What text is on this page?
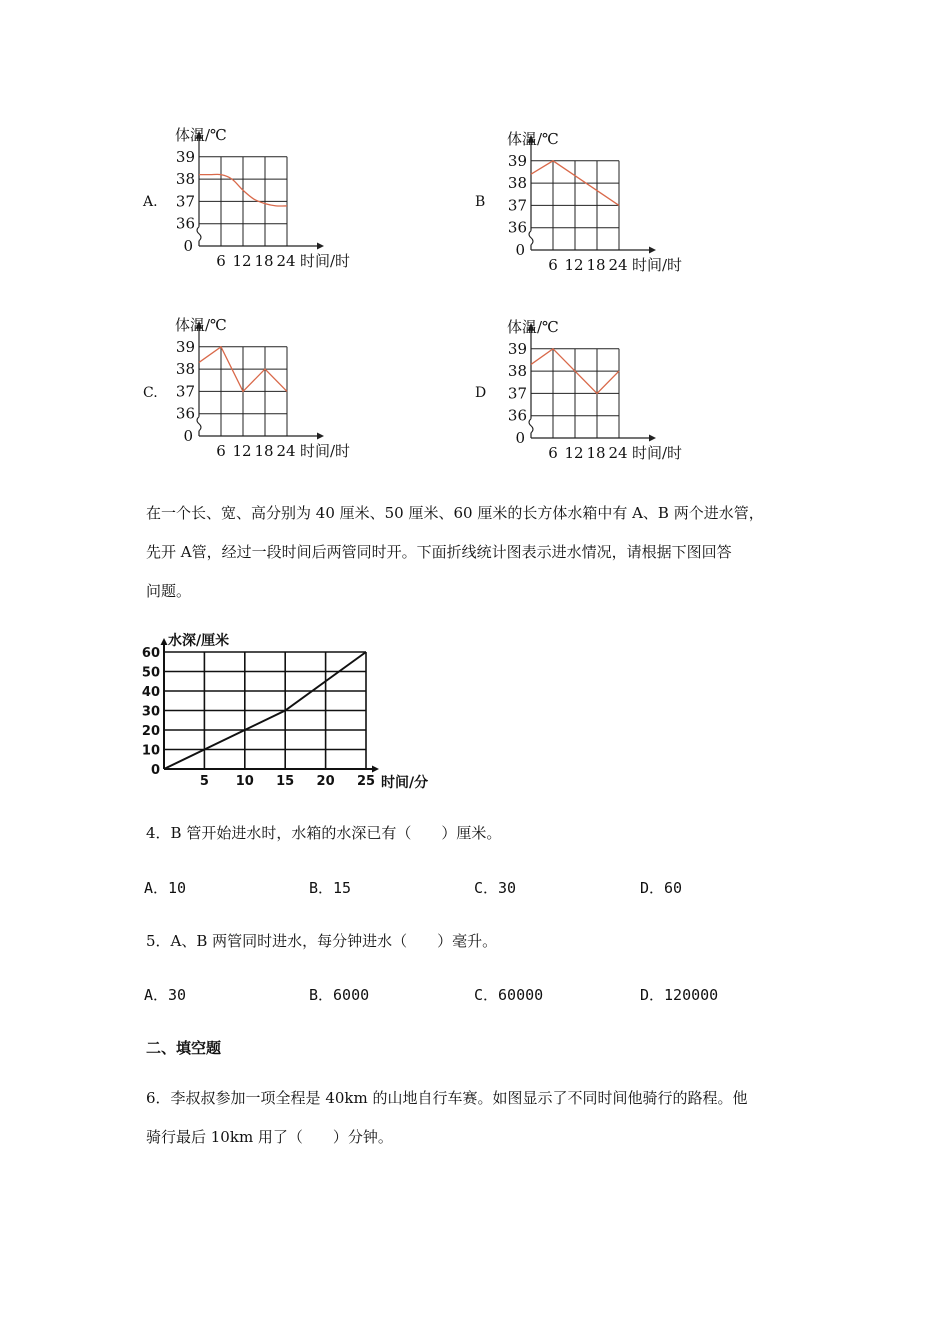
A.	B
C.	D
39
38
37
36
0
6 12 18 24 时间/时
体温/℃
39
38
37
36
0
6 12 18 24 时间/时
体温/℃
39
38
37
36
0
6 12 18 24 时间/时
体温/℃
39
38
37
36
0
6 12 18 24 时间/时
体温/℃

在一个长、宽、高分别为 40 厘米、50 厘米、60 厘米的长方体水箱中有 A、B 两个进水管，

先开 A管，经过一段时间后两管同时开。下面折线统计图表示进水情况，请根据下图回答

问题。

60
50
40
30
20
10
0
5 10 15 20 25 时间/分
水深/厘米
4．B 管开始进水时，水箱的水深已有（　　）厘米。
A．10	B．15	C．30	D．60
5．A、B 两管同时进水，每分钟进水（　　）毫升。
A．30	B．6000	C．60000	D．120000
二、填空题

6．李叔叔参加一项全程是 40km 的山地自行车赛。如图显示了不同时间他骑行的路程。他

骑行最后 10km 用了（　　）分钟。
